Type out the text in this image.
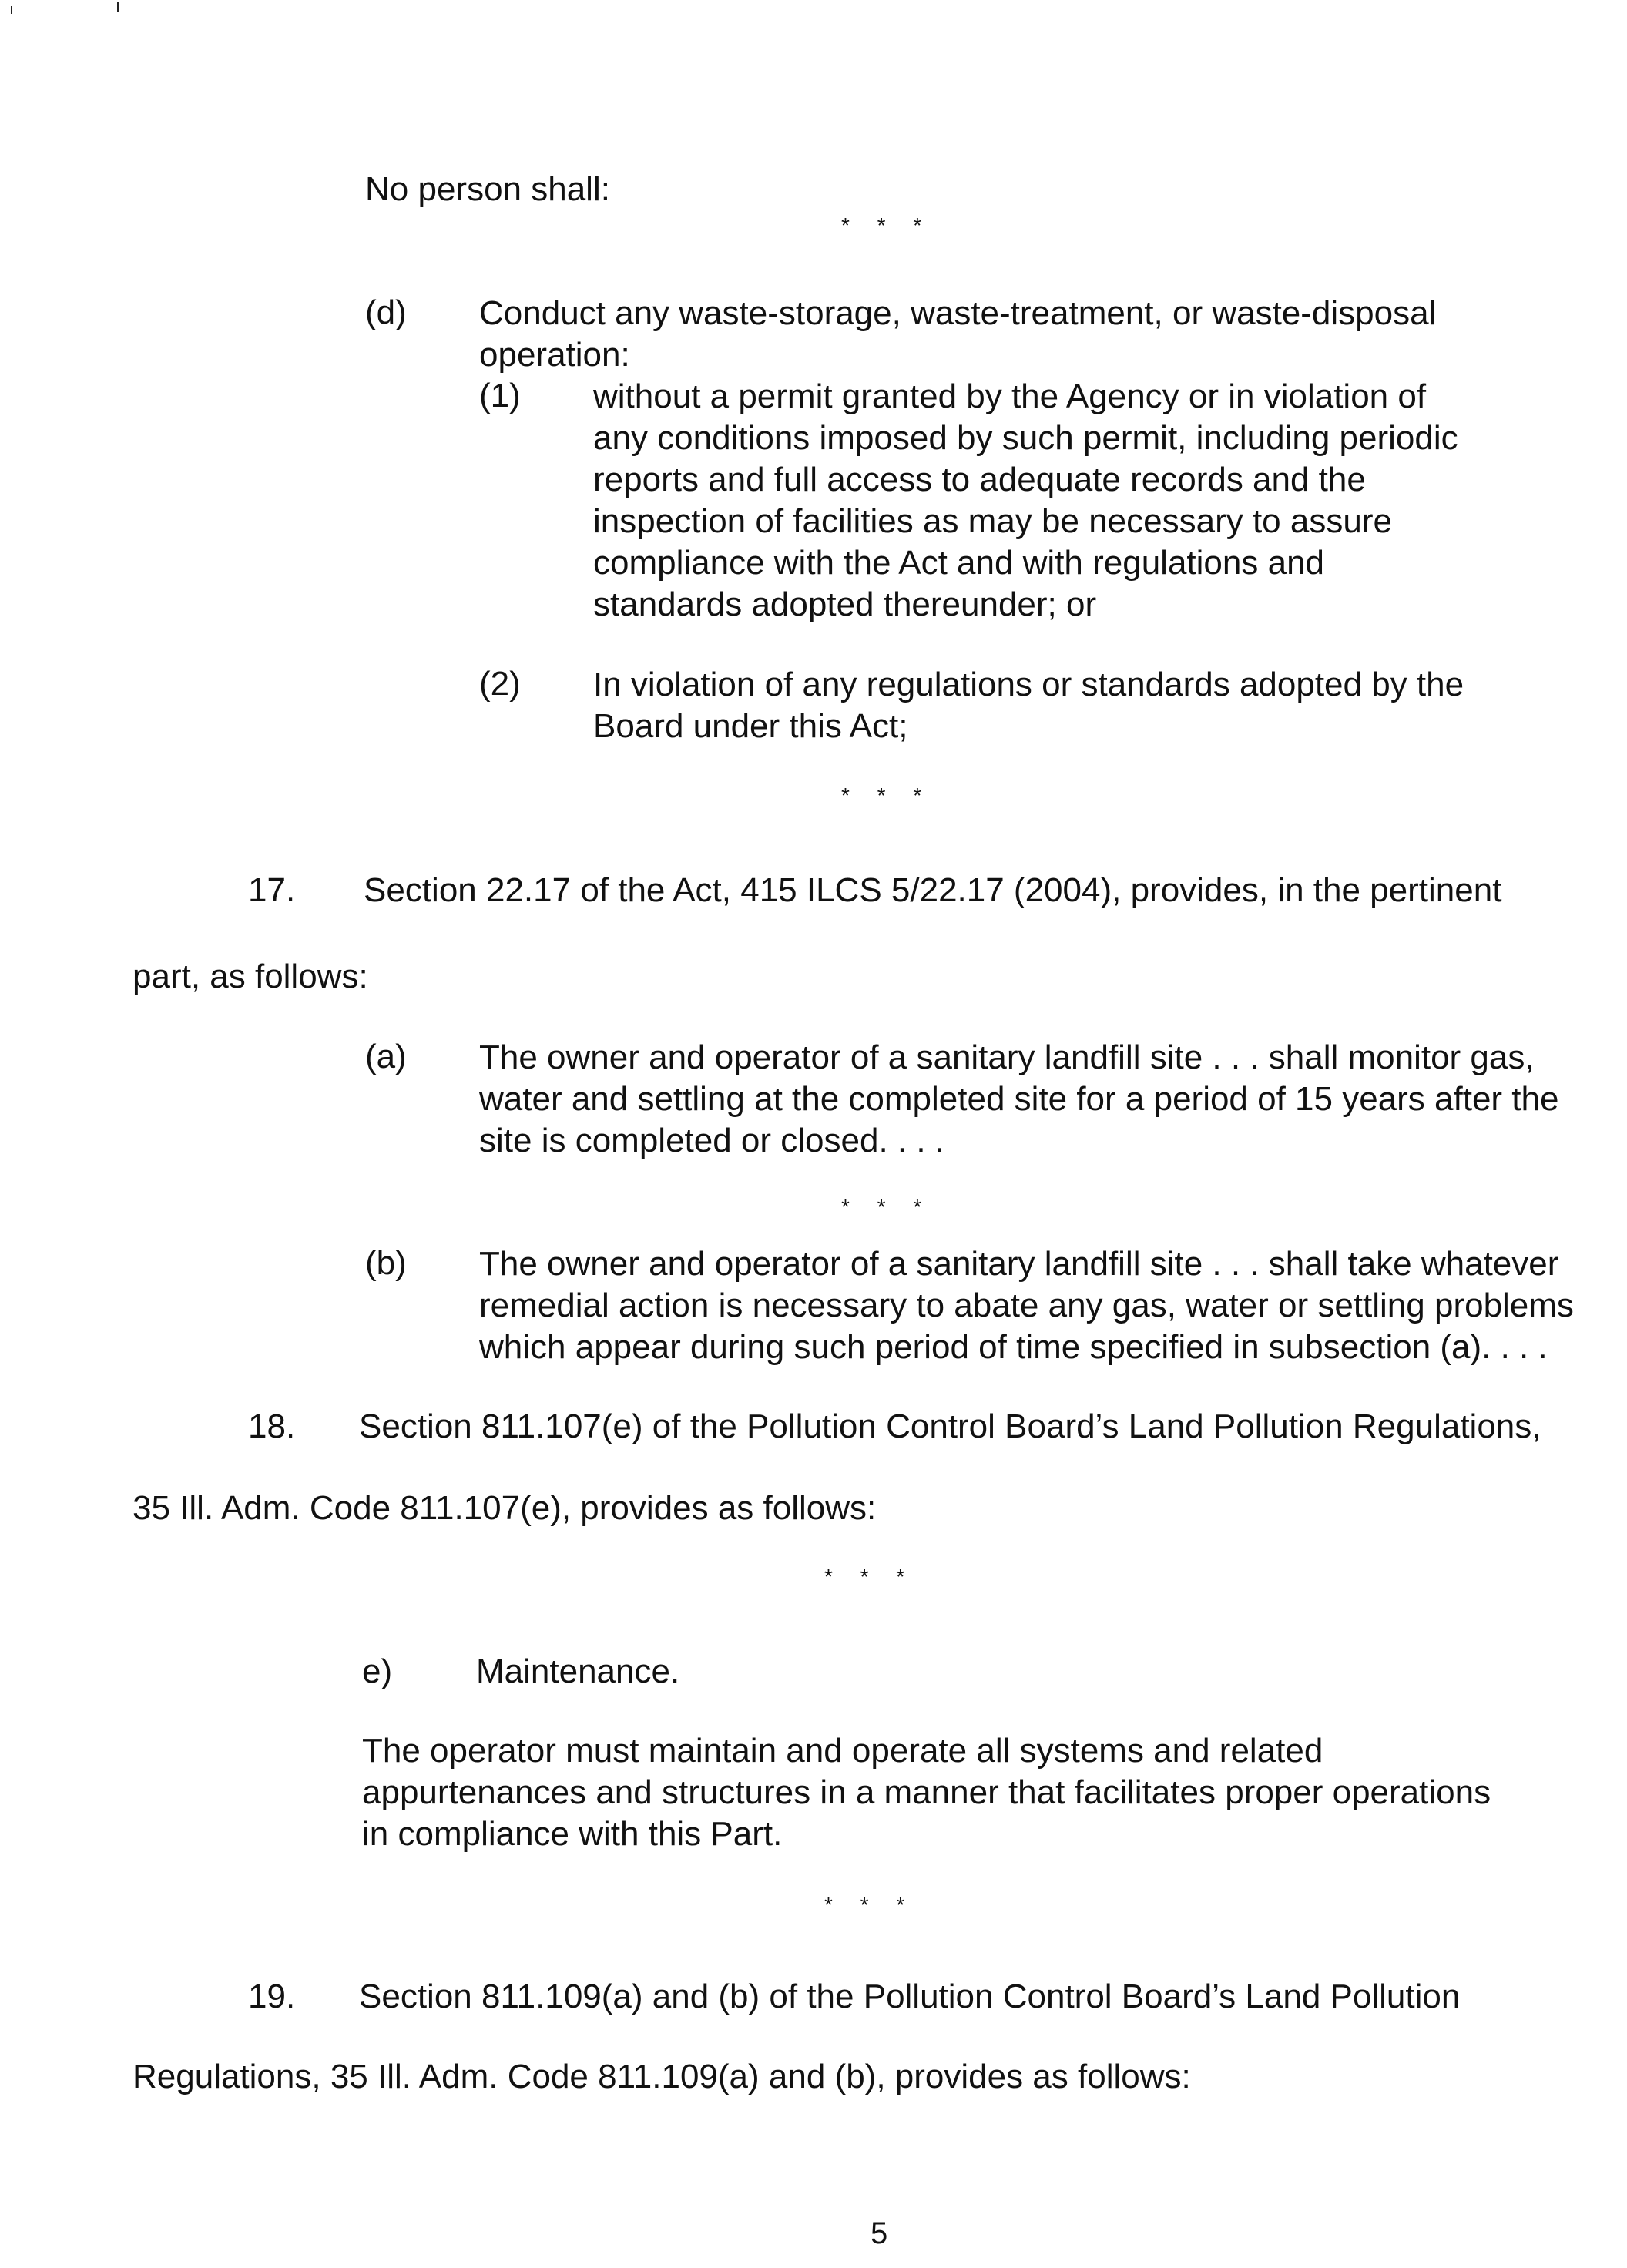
No person shall:
* * *
(d) Conduct any waste-storage, waste-treatment, or waste-disposal
operation:
(1) without a permit granted by the Agency or in violation of
any conditions imposed by such permit, including periodic
reports and full access to adequate records and the
inspection of facilities as may be necessary to assure
compliance with the Act and with regulations and
standards adopted thereunder; or
(2) In violation of any regulations or standards adopted by the
Board under this Act;
* * *
17. Section 22.17 of the Act, 415 ILCS 5/22.17 (2004), provides, in the pertinent
part, as follows:
(a) The owner and operator of a sanitary landfill site . . . shall monitor gas,
water and settling at the completed site for a period of 15 years after the
site is completed or closed. . . .
* * *
(b) The owner and operator of a sanitary landfill site . . . shall take whatever
remedial action is necessary to abate any gas, water or settling problems
which appear during such period of time specified in subsection (a). . . .
18. Section 811.107(e) of the Pollution Control Board’s Land Pollution Regulations,
35 Ill. Adm. Code 811.107(e), provides as follows:
* * *
e) Maintenance.
The operator must maintain and operate all systems and related
appurtenances and structures in a manner that facilitates proper operations
in compliance with this Part.
* * *
19. Section 811.109(a) and (b) of the Pollution Control Board’s Land Pollution
Regulations, 35 Ill. Adm. Code 811.109(a) and (b), provides as follows:
5
